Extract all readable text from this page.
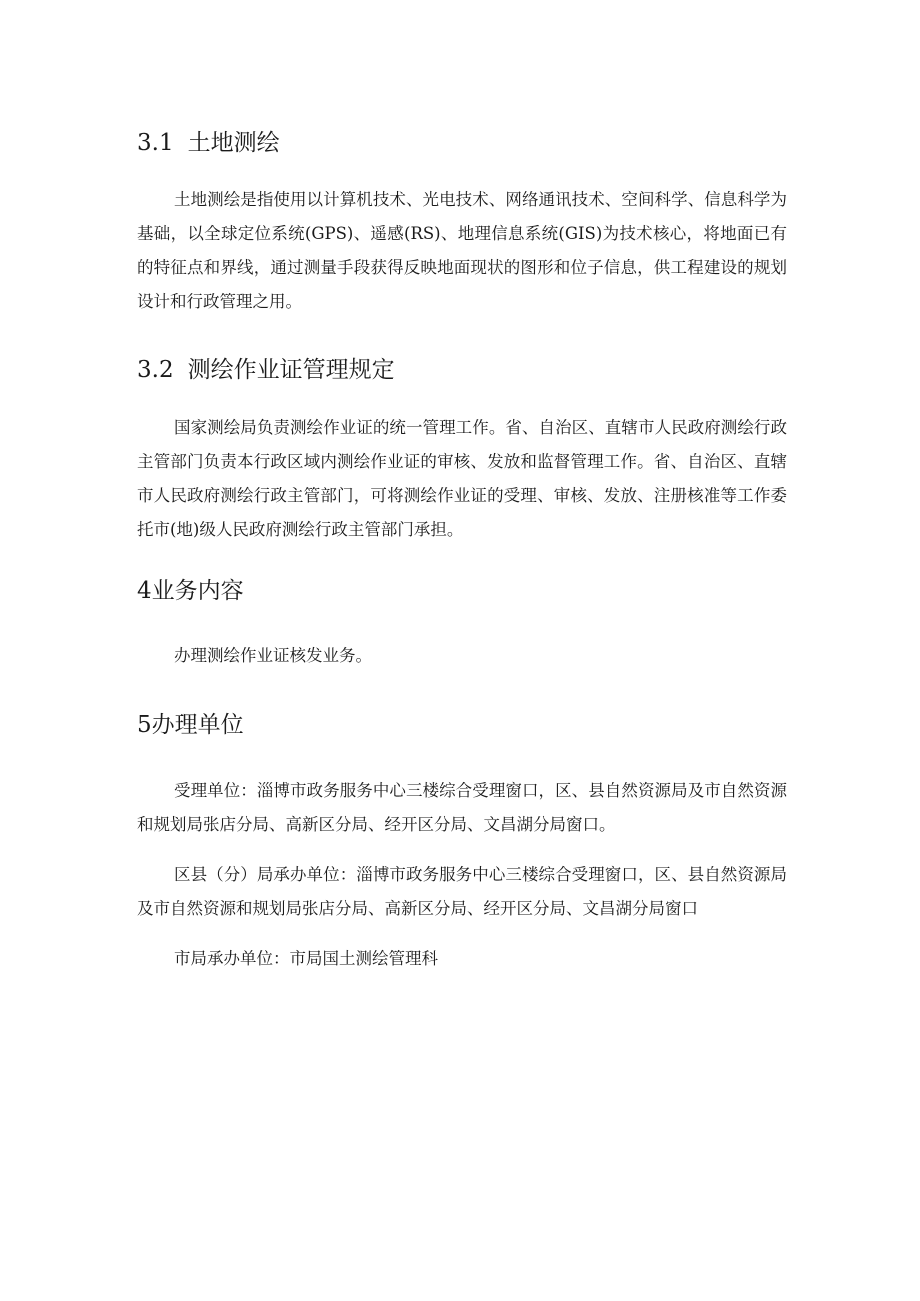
3.1 土地测绘

土地测绘是指使用以计算机技术、光电技术、网络通讯技术、空间科学、信息科学为基础，以全球定位系统(GPS)、遥感(RS)、地理信息系统(GIS)为技术核心，将地面已有的特征点和界线，通过测量手段获得反映地面现状的图形和位子信息，供工程建设的规划设计和行政管理之用。

3.2 测绘作业证管理规定

国家测绘局负责测绘作业证的统一管理工作。省、自治区、直辖市人民政府测绘行政主管部门负责本行政区域内测绘作业证的审核、发放和监督管理工作。省、自治区、直辖市人民政府测绘行政主管部门，可将测绘作业证的受理、审核、发放、注册核准等工作委托市(地)级人民政府测绘行政主管部门承担。

4业务内容

办理测绘作业证核发业务。

5办理单位

受理单位：淄博市政务服务中心三楼综合受理窗口，区、县自然资源局及市自然资源和规划局张店分局、高新区分局、经开区分局、文昌湖分局窗口。

区县（分）局承办单位：淄博市政务服务中心三楼综合受理窗口，区、县自然资源局及市自然资源和规划局张店分局、高新区分局、经开区分局、文昌湖分局窗口

市局承办单位：市局国土测绘管理科
